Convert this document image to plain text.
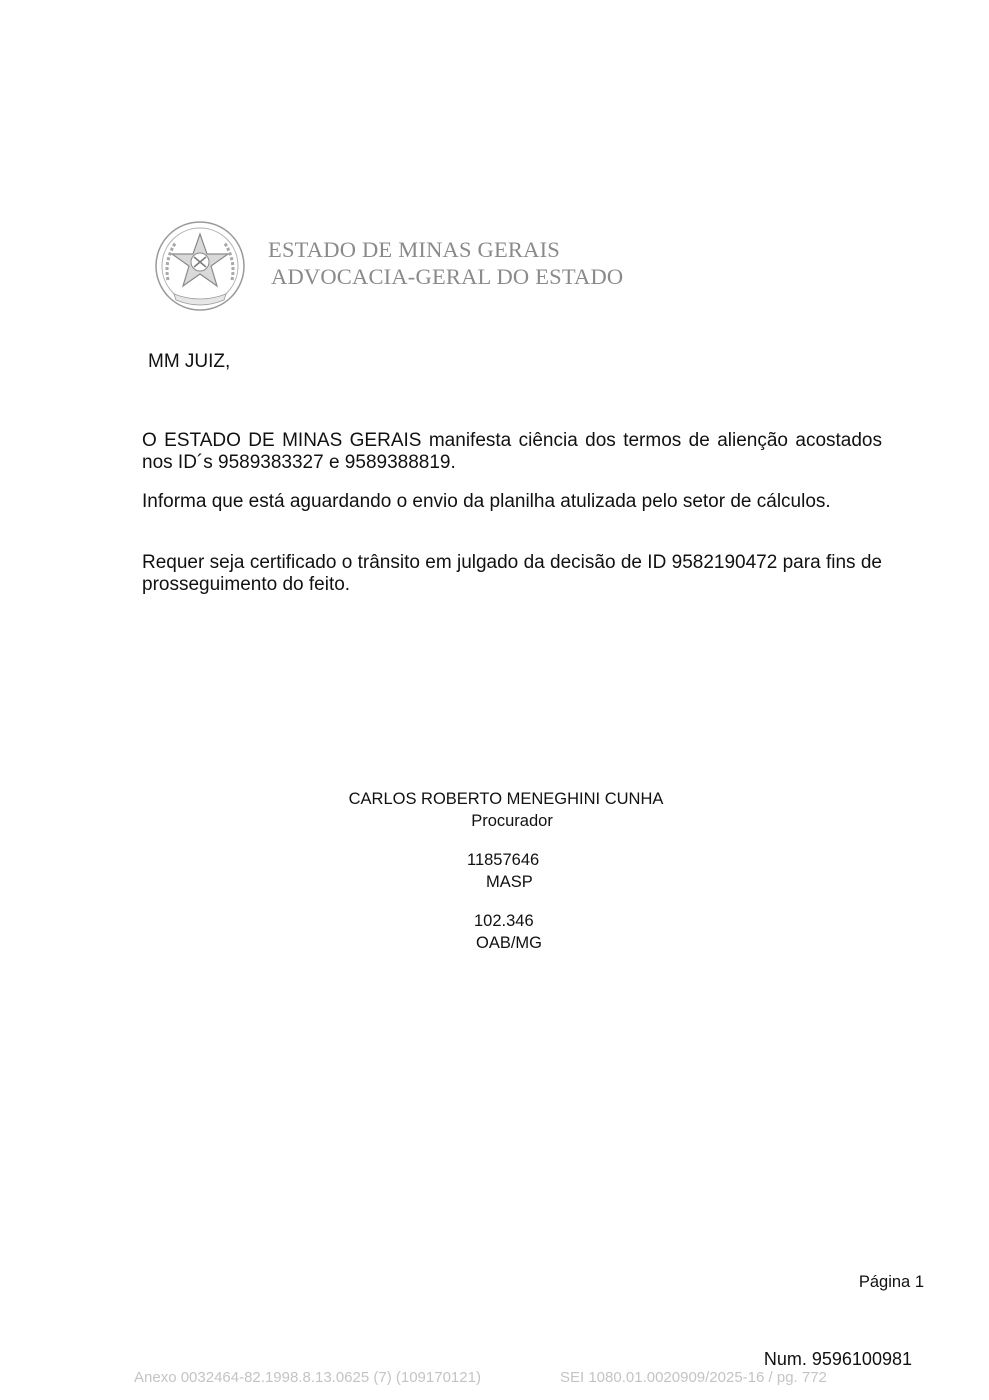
ESTADO DE MINAS GERAIS
ADVOCACIA-GERAL DO ESTADO
MM JUIZ,
O ESTADO DE MINAS GERAIS manifesta ciência dos termos de alienção acostados nos ID´s 9589383327 e 9589388819.
Informa que está aguardando o envio da planilha atulizada pelo setor de cálculos.
Requer seja certificado o trânsito em julgado da decisão de ID 9582190472 para fins de prosseguimento do feito.
CARLOS ROBERTO MENEGHINI CUNHA
Procurador
11857646
MASP
102.346
OAB/MG
Página 1
Num. 9596100981
Anexo 0032464-82.1998.8.13.0625 (7) (109170121)	SEI 1080.01.0020909/2025-16 / pg. 772
